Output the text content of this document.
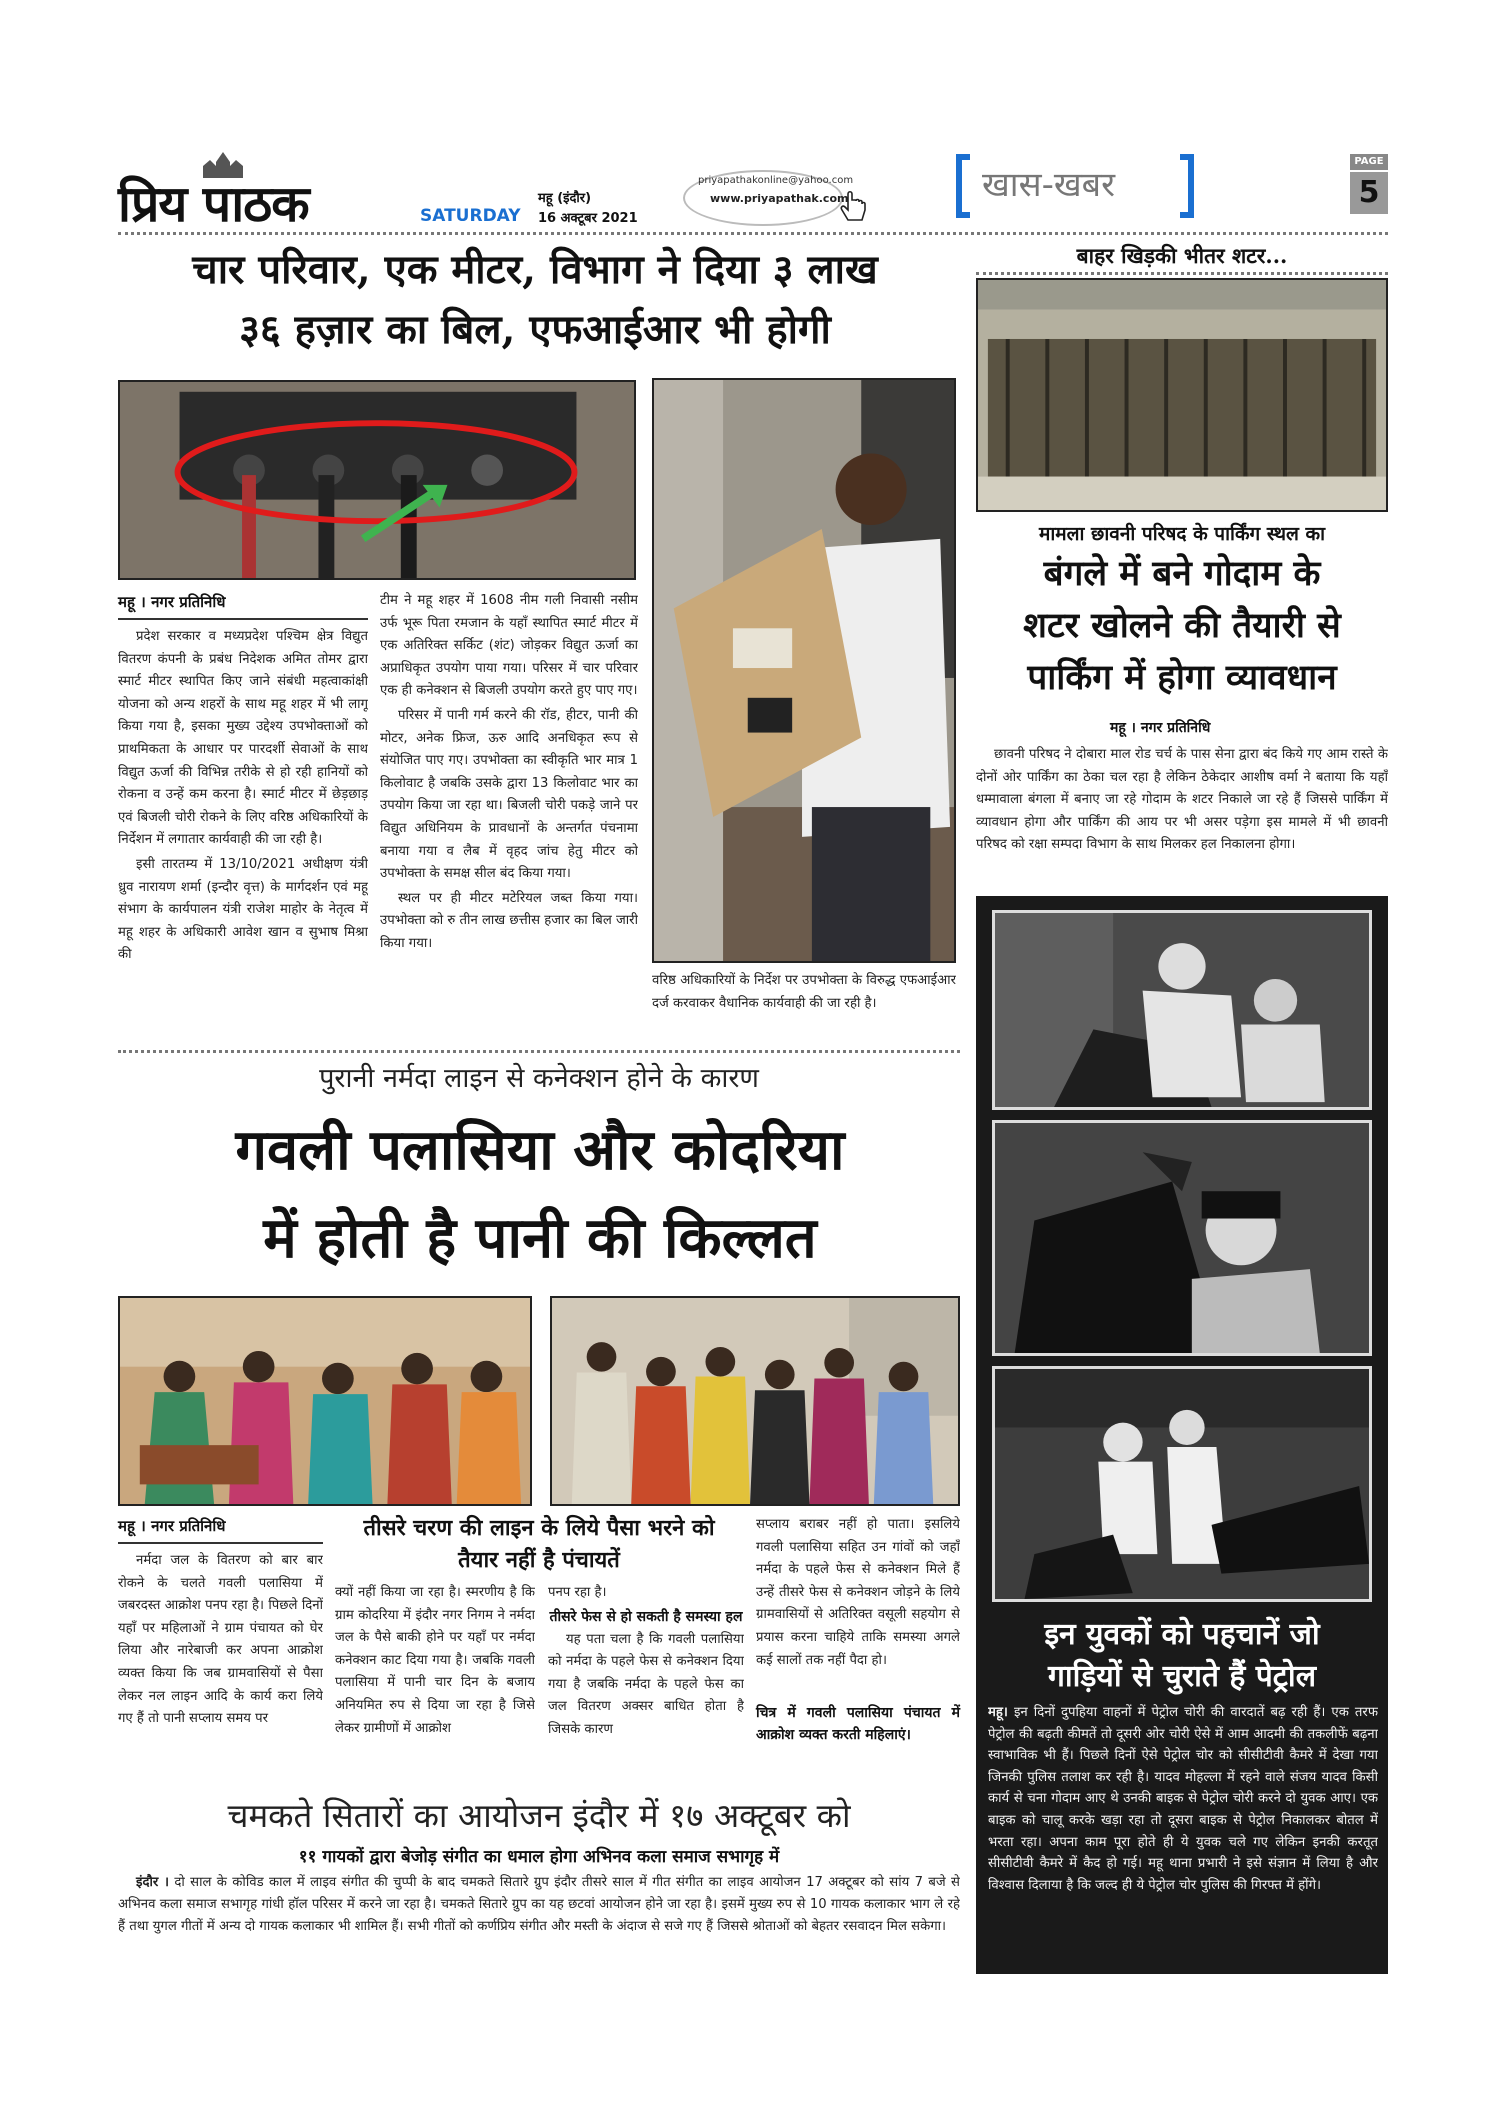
प्रिय पाठक	SATURDAY
महू (इंदौर)
16 अक्टूबर 2021
priyapathakonline@yahoo.com
www.priyapathak.com	खास-खबर
PAGE
5
चार परिवार, एक मीटर, विभाग ने दिया ३ लाख
३६ हज़ार का बिल, एफआईआर भी होगी
महू । नगर प्रतिनिधि

प्रदेश सरकार व मध्यप्रदेश पश्चिम क्षेत्र विद्युत वितरण कंपनी के प्रबंध निदेशक अमित तोमर द्वारा स्मार्ट मीटर स्थापित किए जाने संबंधी महत्वाकांक्षी योजना को अन्य शहरों के साथ महू शहर में भी लागू किया गया है, इसका मुख्य उद्देश्य उपभोक्ताओं को प्राथमिकता के आधार पर पारदर्शी सेवाओं के साथ विद्युत ऊर्जा की विभिन्न तरीके से हो रही हानियों को रोकना व उन्हें कम करना है। स्मार्ट मीटर में छेड़छाड़ एवं बिजली चोरी रोकने के लिए वरिष्ठ अधिकारियों के निर्देशन में लगातार कार्यवाही की जा रही है।

इसी तारतम्य में 13/10/2021 अधीक्षण यंत्री ध्रुव नारायण शर्मा (इन्दौर वृत्त) के मार्गदर्शन एवं महू संभाग के कार्यपालन यंत्री राजेश माहोर के नेतृत्व में महू शहर के अधिकारी आवेश खान व सुभाष मिश्रा की

टीम ने महू शहर में 1608 नीम गली निवासी नसीम उर्फ भूरू पिता रमजान के यहाँ स्थापित स्मार्ट मीटर में एक अतिरिक्त सर्किट (शंट) जोड़कर विद्युत ऊर्जा का अप्राधिकृत उपयोग पाया गया। परिसर में चार परिवार एक ही कनेक्शन से बिजली उपयोग करते हुए पाए गए।

परिसर में पानी गर्म करने की रॉड, हीटर, पानी की मोटर, अनेक फ्रिज, ऊरु आदि अनधिकृत रूप से संयोजित पाए गए। उपभोक्ता का स्वीकृति भार मात्र 1 किलोवाट है जबकि उसके द्वारा 13 किलोवाट भार का उपयोग किया जा रहा था। बिजली चोरी पकड़े जाने पर विद्युत अधिनियम के प्रावधानों के अन्तर्गत पंचनामा बनाया गया व लैब में वृहद जांच हेतु मीटर को उपभोक्ता के समक्ष सील बंद किया गया।

स्थल पर ही मीटर मटेरियल जब्त किया गया। उपभोक्ता को रु तीन लाख छत्तीस हजार का बिल जारी किया गया।

वरिष्ठ अधिकारियों के निर्देश पर उपभोक्ता के विरुद्ध एफआईआर दर्ज करवाकर वैधानिक कार्यवाही की जा रही है।
बाहर खिड़की भीतर शटर...
मामला छावनी परिषद के पार्किंग स्थल का
बंगले में बने गोदाम के
शटर खोलने की तैयारी से
पार्किंग में होगा व्यावधान
महू । नगर प्रतिनिधि
छावनी परिषद ने दोबारा माल रोड चर्च के पास सेना द्वारा बंद किये गए आम रास्ते के दोनों ओर पार्किंग का ठेका चल रहा है लेकिन ठेकेदार आशीष वर्मा ने बताया कि यहाँ धम्मावाला बंगला में बनाए जा रहे गोदाम के शटर निकाले जा रहे हैं जिससे पार्किंग में व्यावधान होगा और पार्किंग की आय पर भी असर पड़ेगा इस मामले में भी छावनी परिषद को रक्षा सम्पदा विभाग के साथ मिलकर हल निकालना होगा।
इन युवकों को पहचानें जो
गाड़ियों से चुराते हैं पेट्रोल
महू। इन दिनों दुपहिया वाहनों में पेट्रोल चोरी की वारदातें बढ़ रही हैं। एक तरफ पेट्रोल की बढ़ती कीमतें तो दूसरी ओर चोरी ऐसे में आम आदमी की तकलीफें बढ़ना स्वाभाविक भी हैं। पिछले दिनों ऐसे पेट्रोल चोर को सीसीटीवी कैमरे में देखा गया जिनकी पुलिस तलाश कर रही है। यादव मोहल्ला में रहने वाले संजय यादव किसी कार्य से चना गोदाम आए थे उनकी बाइक से पेट्रोल चोरी करने दो युवक आए। एक बाइक को चालू करके खड़ा रहा तो दूसरा बाइक से पेट्रोल निकालकर बोतल में भरता रहा। अपना काम पूरा होते ही ये युवक चले गए लेकिन इनकी करतूत सीसीटीवी कैमरे में कैद हो गई। महू थाना प्रभारी ने इसे संज्ञान में लिया है और विश्वास दिलाया है कि जल्द ही ये पेट्रोल चोर पुलिस की गिरफ्त में होंगे।
पुरानी नर्मदा लाइन से कनेक्शन होने के कारण
गवली पलासिया और कोदरिया
में होती है पानी की किल्लत
महू । नगर प्रतिनिधि
नर्मदा जल के वितरण को बार बार रोकने के चलते गवली पलासिया में जबरदस्त आक्रोश पनप रहा है। पिछले दिनों यहाँ पर महिलाओं ने ग्राम पंचायत को घेर लिया और नारेबाजी कर अपना आक्रोश व्यक्त किया कि जब ग्रामवासियों से पैसा लेकर नल लाइन आदि के कार्य करा लिये गए हैं तो पानी सप्लाय समय पर
तीसरे चरण की लाइन के लिये पैसा भरने को तैयार नहीं है पंचायतें
क्यों नहीं किया जा रहा है। स्मरणीय है कि ग्राम कोदरिया में इंदौर नगर निगम ने नर्मदा जल के पैसे बाकी होने पर यहाँ पर नर्मदा कनेक्शन काट दिया गया है। जबकि गवली पलासिया में पानी चार दिन के बजाय अनियमित रुप से दिया जा रहा है जिसे लेकर ग्रामीणों में आक्रोश
पनप रहा है।
तीसरे फेस से हो सकती है समस्या हल
यह पता चला है कि गवली पलासिया को नर्मदा के पहले फेस से कनेक्शन दिया गया है जबकि नर्मदा के पहले फेस का जल वितरण अक्सर बाधित होता है जिसके कारण
सप्लाय बराबर नहीं हो पाता। इसलिये गवली पलासिया सहित उन गांवों को जहाँ नर्मदा के पहले फेस से कनेक्शन मिले हैं उन्हें तीसरे फेस से कनेक्शन जोड़ने के लिये ग्रामवासियों से अतिरिक्त वसूली सहयोग से प्रयास करना चाहिये ताकि समस्या अगले कई सालों तक नहीं पैदा हो।
चित्र में गवली पलासिया पंचायत में आक्रोश व्यक्त करती महिलाएं।
चमकते सितारों का आयोजन इंदौर में १७ अक्टूबर को
११ गायकों द्वारा बेजोड़ संगीत का धमाल होगा अभिनव कला समाज सभागृह में
इंदौर । दो साल के कोविड काल में लाइव संगीत की चुप्पी के बाद चमकते सितारे ग्रुप इंदौर तीसरे साल में गीत संगीत का लाइव आयोजन 17 अक्टूबर को सांय 7 बजे से अभिनव कला समाज सभागृह गांधी हॉल परिसर में करने जा रहा है। चमकते सितारे ग्रुप का यह छटवां आयोजन होने जा रहा है। इसमें मुख्य रुप से 10 गायक कलाकार भाग ले रहे हैं तथा युगल गीतों में अन्य दो गायक कलाकार भी शामिल हैं। सभी गीतों को कर्णप्रिय संगीत और मस्ती के अंदाज से सजे गए हैं जिससे श्रोताओं को बेहतर रसवादन मिल सकेगा।
